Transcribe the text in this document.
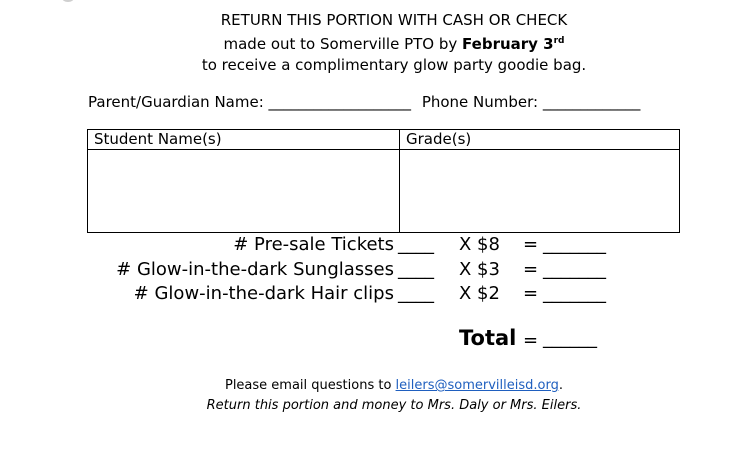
RETURN THIS PORTION WITH CASH OR CHECK
made out to Somerville PTO by February 3rd
to receive a complimentary glow party goodie bag.
Parent/Guardian Name: ___________________ Phone Number: _____________
Student Name(s)	Grade(s)
# Pre-sale Tickets ____ X $8 = _______
# Glow-in-the-dark Sunglasses ____ X $3 = _______
# Glow-in-the-dark Hair clips ____ X $2 = _______
Total = ______
Please email questions to leilers@somervilleisd.org.
Return this portion and money to Mrs. Daly or Mrs. Eilers.
